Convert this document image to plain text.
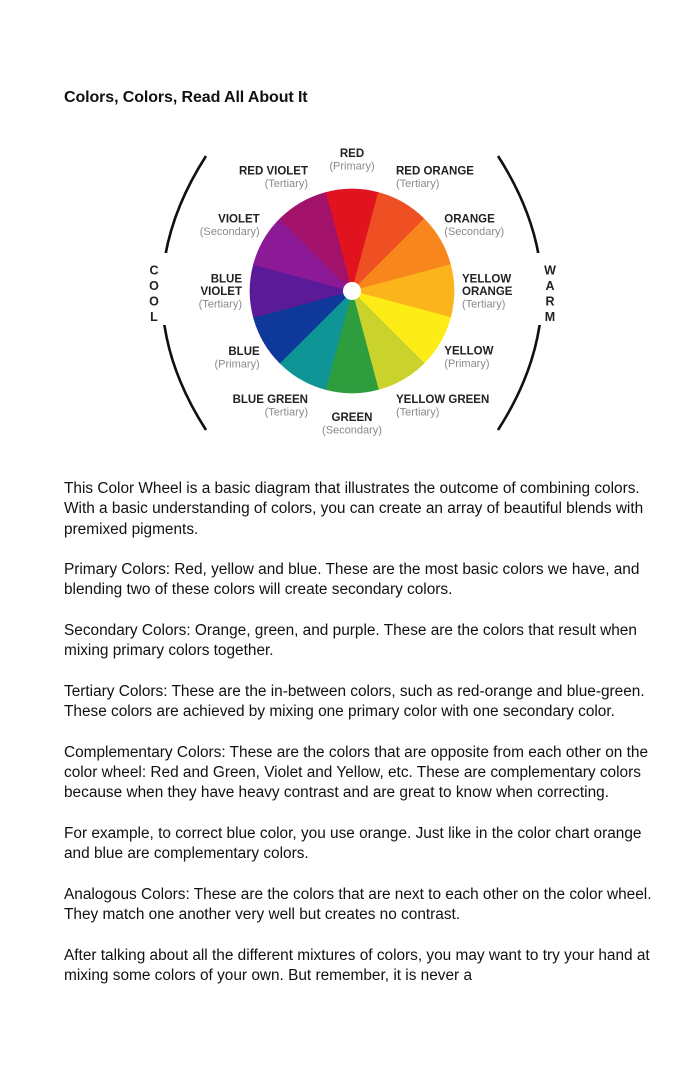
Colors, Colors, Read All About It
C
O
O
L
W
A
R
M
RED
(Primary) RED ORANGE
(Tertiary)
ORANGE
(Secondary)
YELLOW
ORANGE
(Tertiary)
YELLOW
(Primary)
YELLOW GREEN
(Tertiary)
GREEN
(Secondary)
BLUE GREEN
(Tertiary)
BLUE
(Primary)
BLUE
VIOLET
(Tertiary)
VIOLET
(Secondary)
RED VIOLET
(Tertiary)

This Color Wheel is a basic diagram that illustrates the outcome of combining colors. With a basic understanding of colors, you can create an array of beautiful blends with premixed pigments.

Primary Colors: Red, yellow and blue. These are the most basic colors we have, and blending two of these colors will create secondary colors.

Secondary Colors: Orange, green, and purple. These are the colors that result when mixing primary colors together.

Tertiary Colors: These are the in-between colors, such as red-orange and blue-green. These colors are achieved by mixing one primary color with one secondary color.

Complementary Colors: These are the colors that are opposite from each other on the color wheel: Red and Green, Violet and Yellow, etc. These are complementary colors because when they have heavy contrast and are great to know when correcting.

For example, to correct blue color, you use orange. Just like in the color chart orange and blue are complementary colors.

Analogous Colors: These are the colors that are next to each other on the color wheel. They match one another very well but creates no contrast.

After talking about all the different mixtures of colors, you may want to try your hand at mixing some colors of your own. But remember, it is never a
